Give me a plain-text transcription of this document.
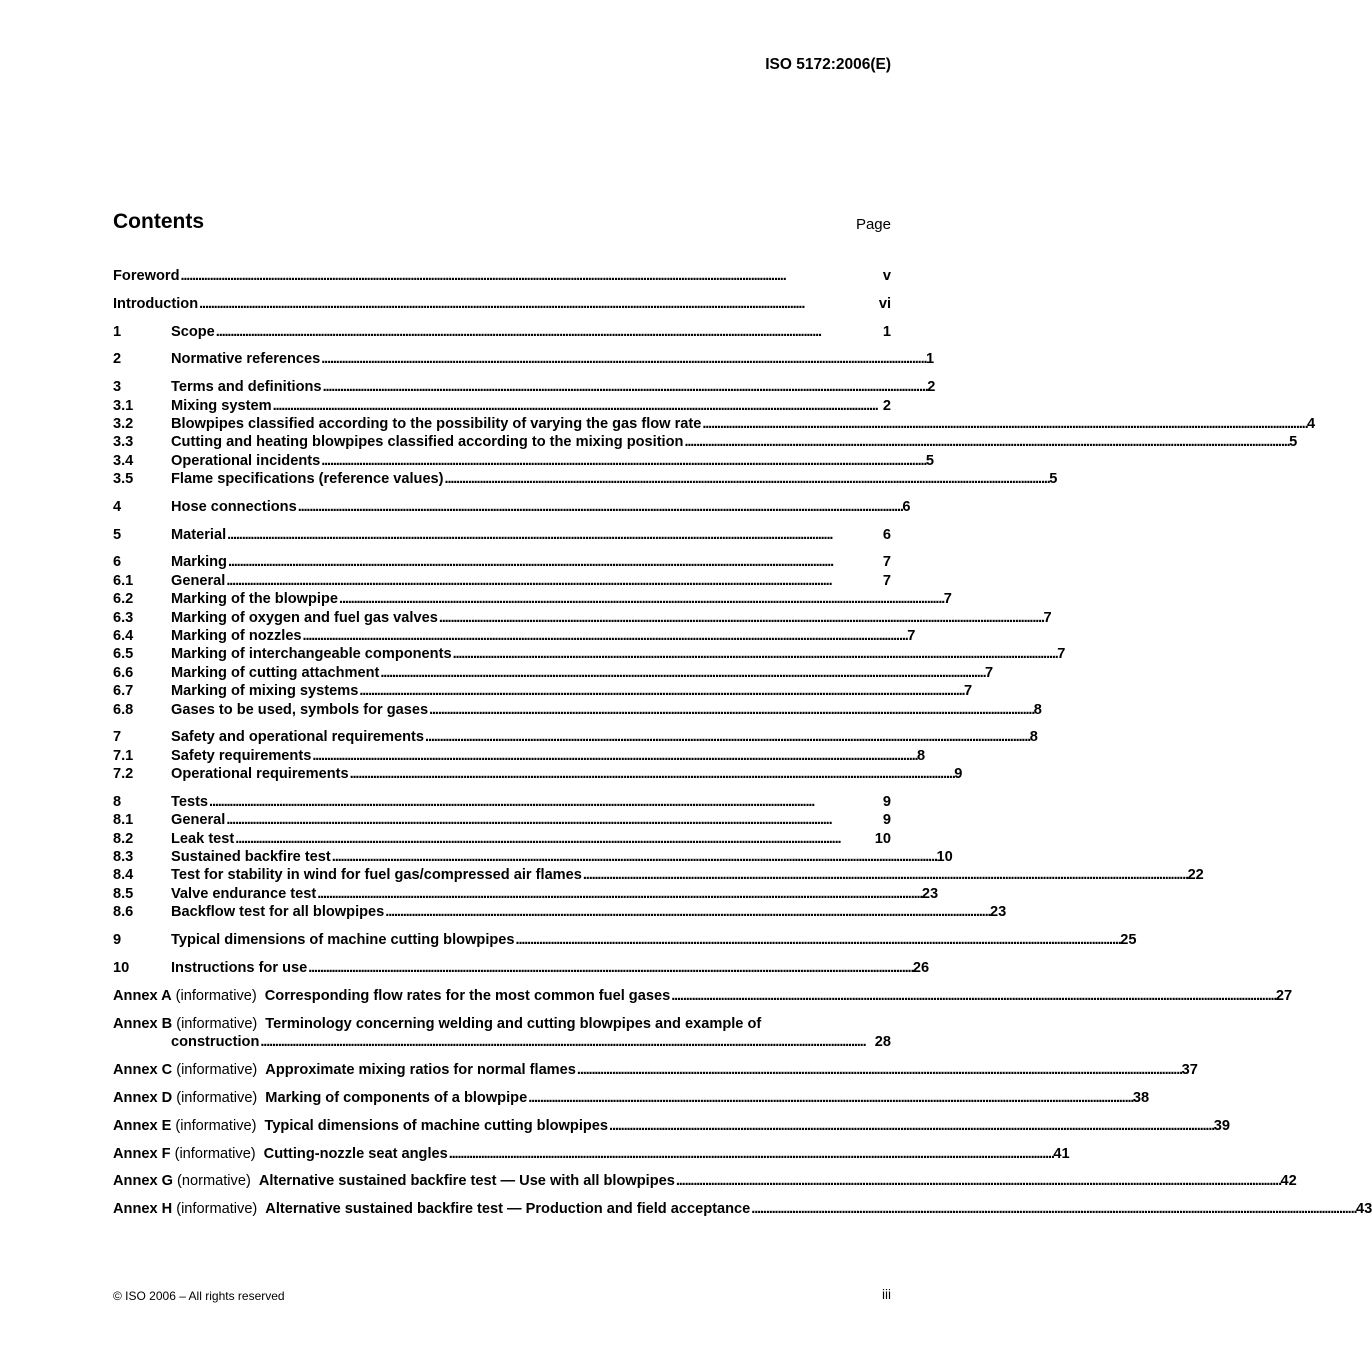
ISO 5172:2006(E)
Contents	Page
Foreword . . .	v
Introduction . . .	vi
1	Scope . . .	1
2	Normative references . . .	1
3	Terms and definitions . . .	2
3.1	Mixing system . . .	2
3.2	Blowpipes classified according to the possibility of varying the gas flow rate . . .	4
3.3	Cutting and heating blowpipes classified according to the mixing position . . .	5
3.4	Operational incidents . . .	5
3.5	Flame specifications (reference values) . . .	5
4	Hose connections . . .	6
5	Material . . .	6
6	Marking . . .	7
6.1	General . . .	7
6.2	Marking of the blowpipe . . .	7
6.3	Marking of oxygen and fuel gas valves . . .	7
6.4	Marking of nozzles . . .	7
6.5	Marking of interchangeable components . . .	7
6.6	Marking of cutting attachment . . .	7
6.7	Marking of mixing systems . . .	7
6.8	Gases to be used, symbols for gases . . .	8
7	Safety and operational requirements . . .	8
7.1	Safety requirements . . .	8
7.2	Operational requirements . . .	9
8	Tests . . .	9
8.1	General . . .	9
8.2	Leak test . . .	10
8.3	Sustained backfire test . . .	10
8.4	Test for stability in wind for fuel gas/compressed air flames . . .	22
8.5	Valve endurance test . . .	23
8.6	Backflow test for all blowpipes . . .	23
9	Typical dimensions of machine cutting blowpipes . . .	25
10	Instructions for use . . .	26
Annex A (informative) Corresponding flow rates for the most common fuel gases . . .	27
Annex B (informative) Terminology concerning welding and cutting blowpipes and example of
construction . . .	28
Annex C (informative) Approximate mixing ratios for normal flames . . .	37
Annex D (informative) Marking of components of a blowpipe . . .	38
Annex E (informative) Typical dimensions of machine cutting blowpipes . . .	39
Annex F (informative) Cutting-nozzle seat angles . . .	41
Annex G (normative) Alternative sustained backfire test — Use with all blowpipes . . .	42
Annex H (informative) Alternative sustained backfire test — Production and field acceptance . . .	43
© ISO 2006 – All rights reserved	iii
